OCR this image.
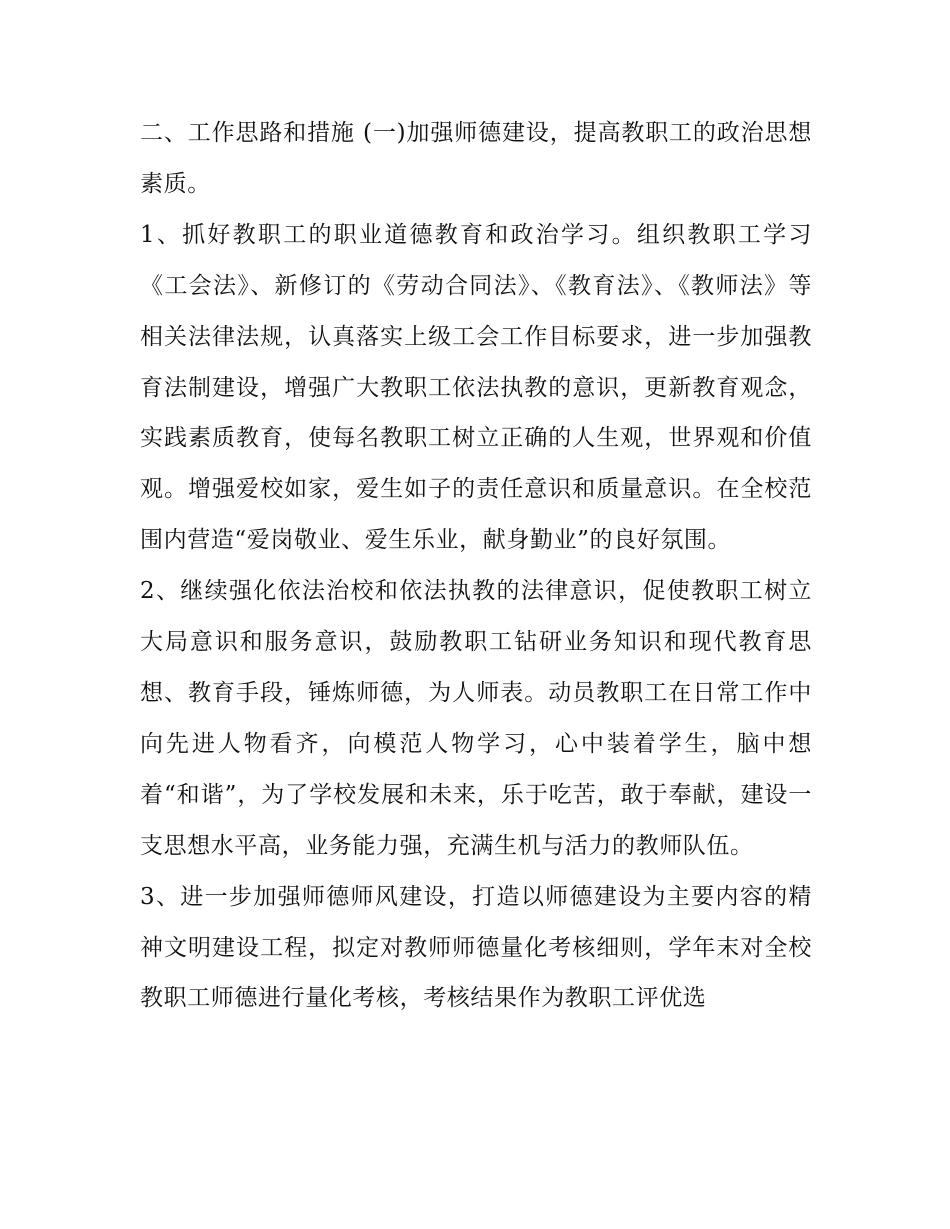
二、工作思路和措施 (一)加强师德建设，提高教职工的政治思想素质。

1、抓好教职工的职业道德教育和政治学习。组织教职工学习《工会法》、新修订的《劳动合同法》、《教育法》、《教师法》等相关法律法规，认真落实上级工会工作目标要求，进一步加强教育法制建设，增强广大教职工依法执教的意识，更新教育观念，实践素质教育，使每名教职工树立正确的人生观，世界观和价值观。增强爱校如家，爱生如子的责任意识和质量意识。在全校范围内营造“爱岗敬业、爱生乐业，献身勤业”的良好氛围。

2、继续强化依法治校和依法执教的法律意识，促使教职工树立大局意识和服务意识，鼓励教职工钻研业务知识和现代教育思想、教育手段，锤炼师德，为人师表。动员教职工在日常工作中向先进人物看齐，向模范人物学习，心中装着学生，脑中想着“和谐”，为了学校发展和未来，乐于吃苦，敢于奉献，建设一支思想水平高，业务能力强，充满生机与活力的教师队伍。

3、进一步加强师德师风建设，打造以师德建设为主要内容的精神文明建设工程，拟定对教师师德量化考核细则，学年末对全校教职工师德进行量化考核，考核结果作为教职工评优选
